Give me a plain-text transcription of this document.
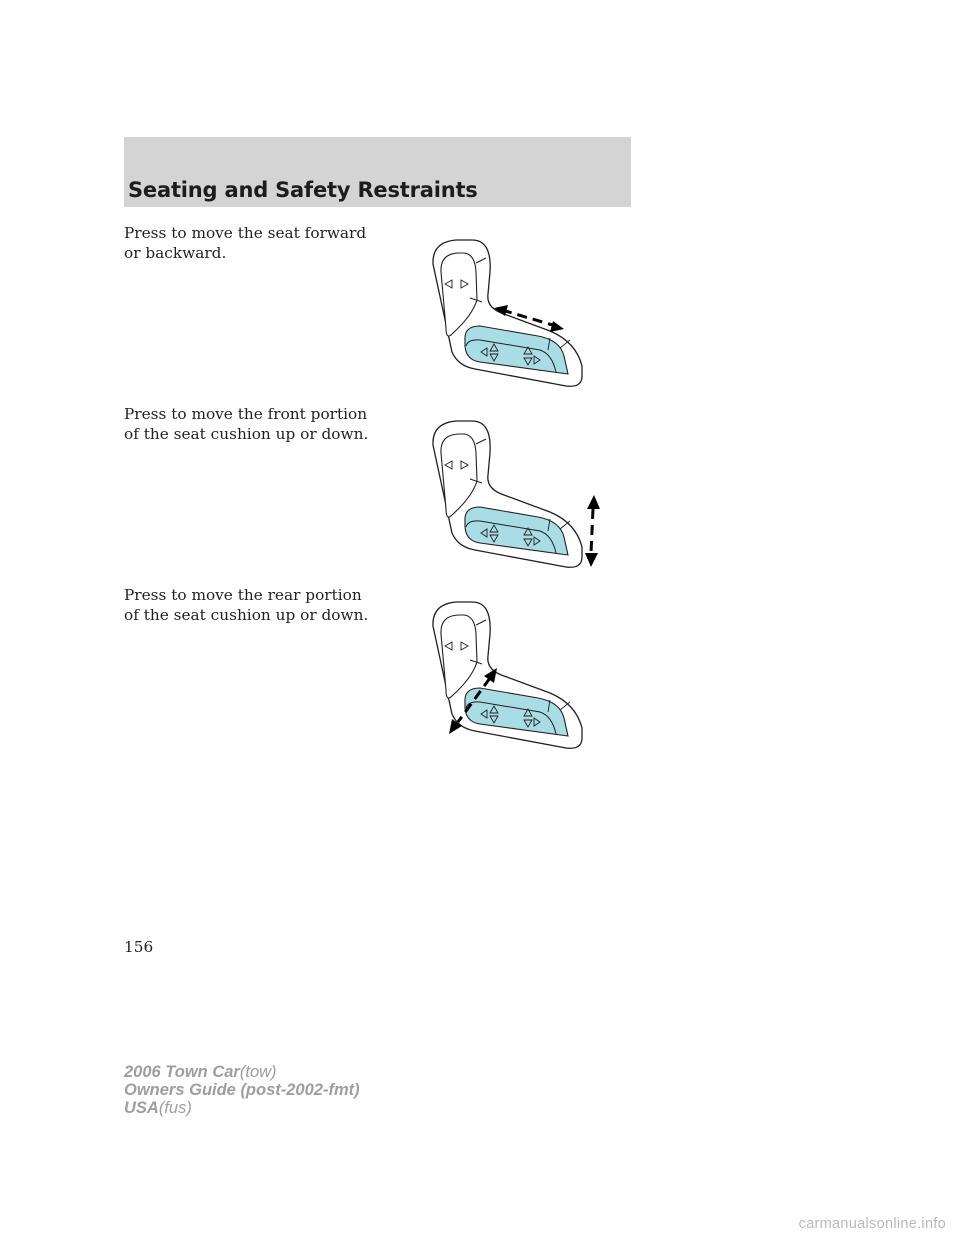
Seating and Safety Restraints
Press to move the seat forward or backward.
Press to move the front portion of the seat cushion up or down.
Press to move the rear portion of the seat cushion up or down.
156
2006 Town Car(tow)
Owners Guide (post-2002-fmt)
USA(fus)
carmanualsonline.info
